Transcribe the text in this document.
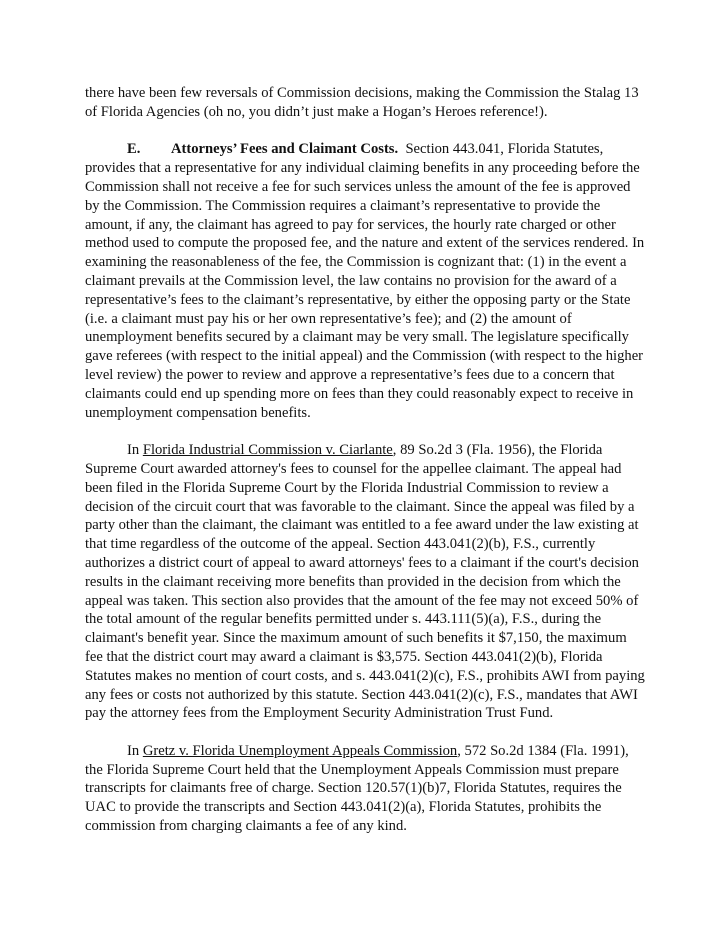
there have been few reversals of Commission decisions, making the Commission the Stalag 13 of Florida Agencies (oh no, you didn’t just make a Hogan’s Heroes reference!).

E. Attorneys’ Fees and Claimant Costs. Section 443.041, Florida Statutes, provides that a representative for any individual claiming benefits in any proceeding before the Commission shall not receive a fee for such services unless the amount of the fee is approved by the Commission. The Commission requires a claimant’s representative to provide the amount, if any, the claimant has agreed to pay for services, the hourly rate charged or other method used to compute the proposed fee, and the nature and extent of the services rendered. In examining the reasonableness of the fee, the Commission is cognizant that: (1) in the event a claimant prevails at the Commission level, the law contains no provision for the award of a representative’s fees to the claimant’s representative, by either the opposing party or the State (i.e. a claimant must pay his or her own representative’s fee); and (2) the amount of unemployment benefits secured by a claimant may be very small. The legislature specifically gave referees (with respect to the initial appeal) and the Commission (with respect to the higher level review) the power to review and approve a representative’s fees due to a concern that claimants could end up spending more on fees than they could reasonably expect to receive in unemployment compensation benefits.

In Florida Industrial Commission v. Ciarlante, 89 So.2d 3 (Fla. 1956), the Florida Supreme Court awarded attorney's fees to counsel for the appellee claimant. The appeal had been filed in the Florida Supreme Court by the Florida Industrial Commission to review a decision of the circuit court that was favorable to the claimant. Since the appeal was filed by a party other than the claimant, the claimant was entitled to a fee award under the law existing at that time regardless of the outcome of the appeal. Section 443.041(2)(b), F.S., currently authorizes a district court of appeal to award attorneys' fees to a claimant if the court's decision results in the claimant receiving more benefits than provided in the decision from which the appeal was taken. This section also provides that the amount of the fee may not exceed 50% of the total amount of the regular benefits permitted under s. 443.111(5)(a), F.S., during the claimant's benefit year. Since the maximum amount of such benefits it $7,150, the maximum fee that the district court may award a claimant is $3,575. Section 443.041(2)(b), Florida Statutes makes no mention of court costs, and s. 443.041(2)(c), F.S., prohibits AWI from paying any fees or costs not authorized by this statute. Section 443.041(2)(c), F.S., mandates that AWI pay the attorney fees from the Employment Security Administration Trust Fund.

In Gretz v. Florida Unemployment Appeals Commission, 572 So.2d 1384 (Fla. 1991), the Florida Supreme Court held that the Unemployment Appeals Commission must prepare transcripts for claimants free of charge. Section 120.57(1)(b)7, Florida Statutes, requires the UAC to provide the transcripts and Section 443.041(2)(a), Florida Statutes, prohibits the commission from charging claimants a fee of any kind.
